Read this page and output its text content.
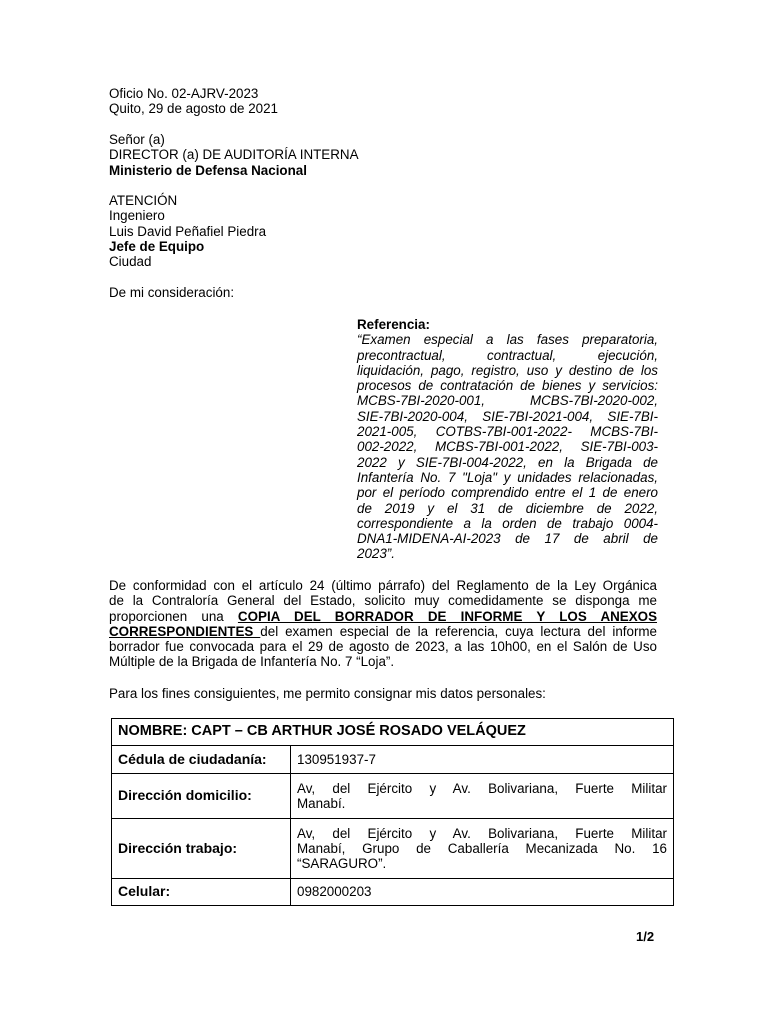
Oficio No. 02-AJRV-2023
Quito, 29 de agosto de 2021
Señor (a)
DIRECTOR (a) DE AUDITORÍA INTERNA
Ministerio de Defensa Nacional
ATENCIÓN
Ingeniero
Luis David Peñafiel Piedra
Jefe de Equipo
Ciudad
De mi consideración:
Referencia:
“Examen especial a las fases preparatoria,
precontractual, contractual, ejecución,
liquidación, pago, registro, uso y destino de los
procesos de contratación de bienes y servicios:
MCBS-7BI-2020-001, MCBS-7BI-2020-002,
SIE-7BI-2020-004, SIE-7BI-2021-004, SIE-7BI-
2021-005, COTBS-7BI-001-2022- MCBS-7BI-
002-2022, MCBS-7BI-001-2022, SIE-7BI-003-
2022 y SIE-7BI-004-2022, en la Brigada de
Infantería No. 7 "Loja" y unidades relacionadas,
por el período comprendido entre el 1 de enero
de 2019 y el 31 de diciembre de 2022,
correspondiente a la orden de trabajo 0004-
DNA1-MIDENA-AI-2023 de 17 de abril de
2023”.
De conformidad con el artículo 24 (último párrafo) del Reglamento de la Ley Orgánica
de la Contraloría General del Estado, solicito muy comedidamente se disponga me
proporcionen una COPIA DEL BORRADOR DE INFORME Y LOS ANEXOS
CORRESPONDIENTES del examen especial de la referencia, cuya lectura del informe
borrador fue convocada para el 29 de agosto de 2023, a las 10h00, en el Salón de Uso
Múltiple de la Brigada de Infantería No. 7 “Loja”.
Para los fines consiguientes, me permito consignar mis datos personales:
NOMBRE: CAPT – CB ARTHUR JOSÉ ROSADO VELÁQUEZ	
Cédula de ciudadanía:	130951937-7

Dirección domicilio:	Av, del Ejército y Av. Bolivariana, Fuerte Militar
Manabí.

Dirección trabajo:	Av, del Ejército y Av. Bolivariana, Fuerte Militar
Manabí, Grupo de Caballería Mecanizada No. 16
“SARAGURO”.

Celular:	0982000203
1/2
